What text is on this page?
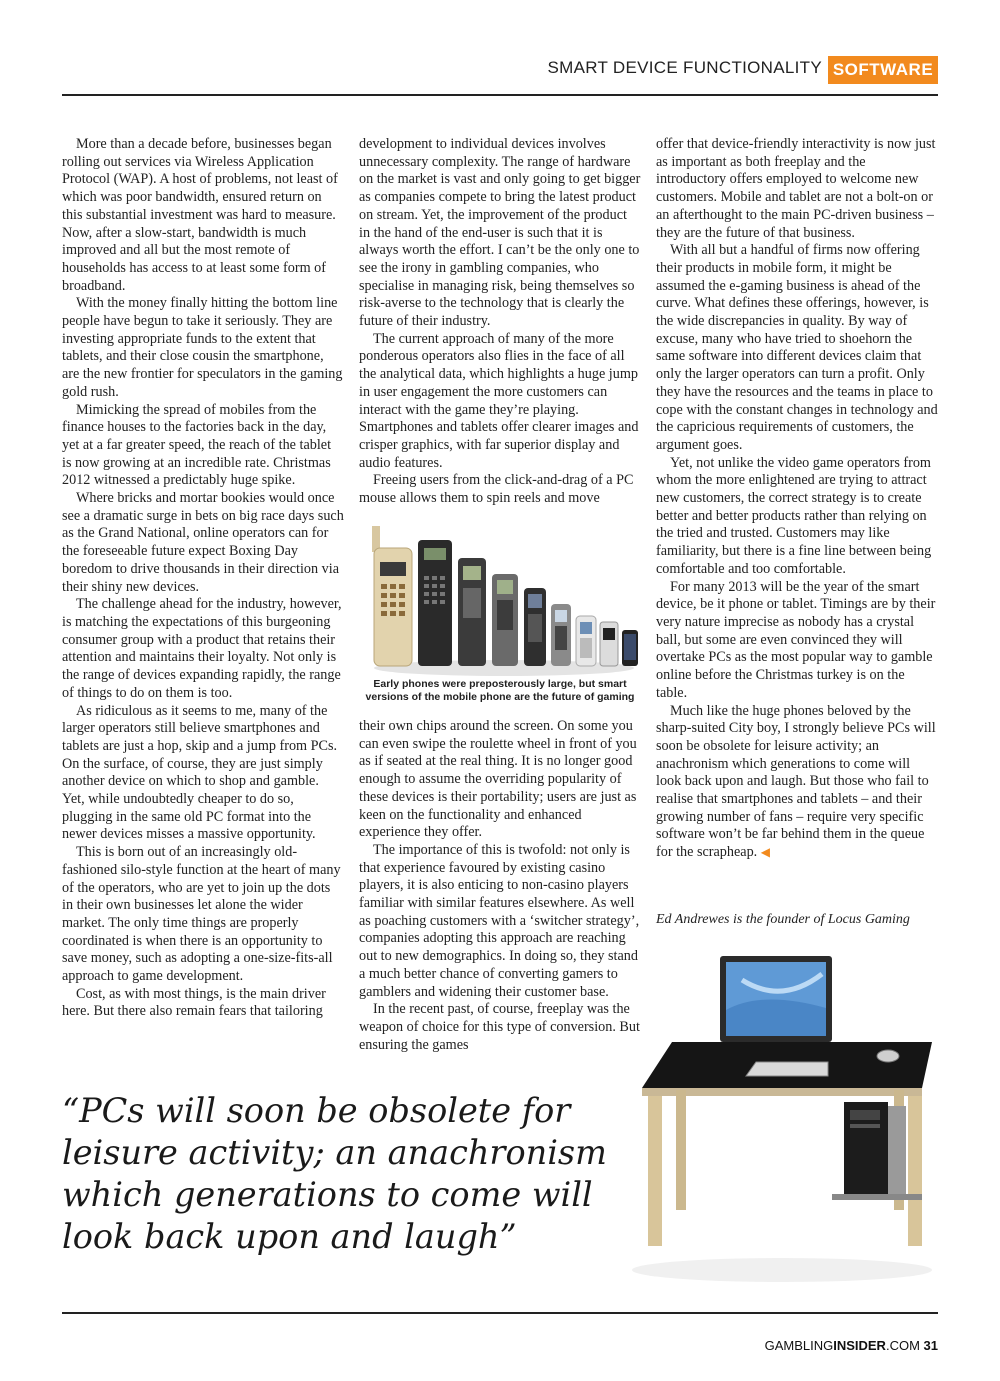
SMART DEVICE FUNCTIONALITY SOFTWARE

More than a decade before, businesses began rolling out services via Wireless Application Protocol (WAP). A host of problems, not least of which was poor bandwidth, ensured return on this substantial investment was hard to measure. Now, after a slow-start, bandwidth is much improved and all but the most remote of households has access to at least some form of broadband.

With the money finally hitting the bottom line people have begun to take it seriously. They are investing appropriate funds to the extent that tablets, and their close cousin the smartphone, are the new frontier for speculators in the gaming gold rush.

Mimicking the spread of mobiles from the finance houses to the factories back in the day, yet at a far greater speed, the reach of the tablet is now growing at an incredible rate. Christmas 2012 witnessed a predictably huge spike.

Where bricks and mortar bookies would once see a dramatic surge in bets on big race days such as the Grand National, online operators can for the foreseeable future expect Boxing Day boredom to drive thousands in their direction via their shiny new devices.

The challenge ahead for the industry, however, is matching the expectations of this burgeoning consumer group with a product that retains their attention and maintains their loyalty. Not only is the range of devices expanding rapidly, the range of things to do on them is too.

As ridiculous as it seems to me, many of the larger operators still believe smartphones and tablets are just a hop, skip and a jump from PCs. On the surface, of course, they are just simply another device on which to shop and gamble. Yet, while undoubtedly cheaper to do so, plugging in the same old PC format into the newer devices misses a massive opportunity.

This is born out of an increasingly old-fashioned silo-style function at the heart of many of the operators, who are yet to join up the dots in their own businesses let alone the wider market. The only time things are properly coordinated is when there is an opportunity to save money, such as adopting a one-size-fits-all approach to game development.

Cost, as with most things, is the main driver here. But there also remain fears that tailoring

development to individual devices involves unnecessary complexity. The range of hardware on the market is vast and only going to get bigger as companies compete to bring the latest product on stream. Yet, the improvement of the product in the hand of the end-user is such that it is always worth the effort. I can’t be the only one to see the irony in gambling companies, who specialise in managing risk, being themselves so risk-averse to the technology that is clearly the future of their industry.

The current approach of many of the more ponderous operators also flies in the face of all the analytical data, which highlights a huge jump in user engagement the more customers can interact with the game they’re playing. Smartphones and tablets offer clearer images and crisper graphics, with far superior display and audio features.

Freeing users from the click-and-drag of a PC mouse allows them to spin reels and move

Early phones were preposterously large, but smart versions of the mobile phone are the future of gaming

their own chips around the screen. On some you can even swipe the roulette wheel in front of you as if seated at the real thing. It is no longer good enough to assume the overriding popularity of these devices is their portability; users are just as keen on the functionality and enhanced experience they offer.

The importance of this is twofold: not only is that experience favoured by existing casino players, it is also enticing to non-casino players familiar with similar features elsewhere. As well as poaching customers with a ‘switcher strategy’, companies adopting this approach are reaching out to new demographics. In doing so, they stand a much better chance of converting gamers to gamblers and widening their customer base.

In the recent past, of course, freeplay was the weapon of choice for this type of conversion. But ensuring the games

offer that device-friendly interactivity is now just as important as both freeplay and the introductory offers employed to welcome new customers. Mobile and tablet are not a bolt-on or an afterthought to the main PC-driven business – they are the future of that business.

With all but a handful of firms now offering their products in mobile form, it might be assumed the e-gaming business is ahead of the curve. What defines these offerings, however, is the wide discrepancies in quality. By way of excuse, many who have tried to shoehorn the same software into different devices claim that only the larger operators can turn a profit. Only they have the resources and the teams in place to cope with the constant changes in technology and the capricious requirements of customers, the argument goes.

Yet, not unlike the video game operators from whom the more enlightened are trying to attract new customers, the correct strategy is to create better and better products rather than relying on the tried and trusted. Customers may like familiarity, but there is a fine line between being comfortable and too comfortable.

For many 2013 will be the year of the smart device, be it phone or tablet. Timings are by their very nature imprecise as nobody has a crystal ball, but some are even convinced they will overtake PCs as the most popular way to gamble online before the Christmas turkey is on the table.

Much like the huge phones beloved by the sharp-suited City boy, I strongly believe PCs will soon be obsolete for leisure activity; an anachronism which generations to come will look back upon and laugh. But those who fail to realise that smartphones and tablets – and their growing number of fans – require very specific software won’t be far behind them in the queue for the scrapheap. ◀

Ed Andrewes is the founder of Locus Gaming
“PCs will soon be obsolete for leisure activity; an anachronism which generations to come will look back upon and laugh”
GAMBLINGINSIDER.COM 31
